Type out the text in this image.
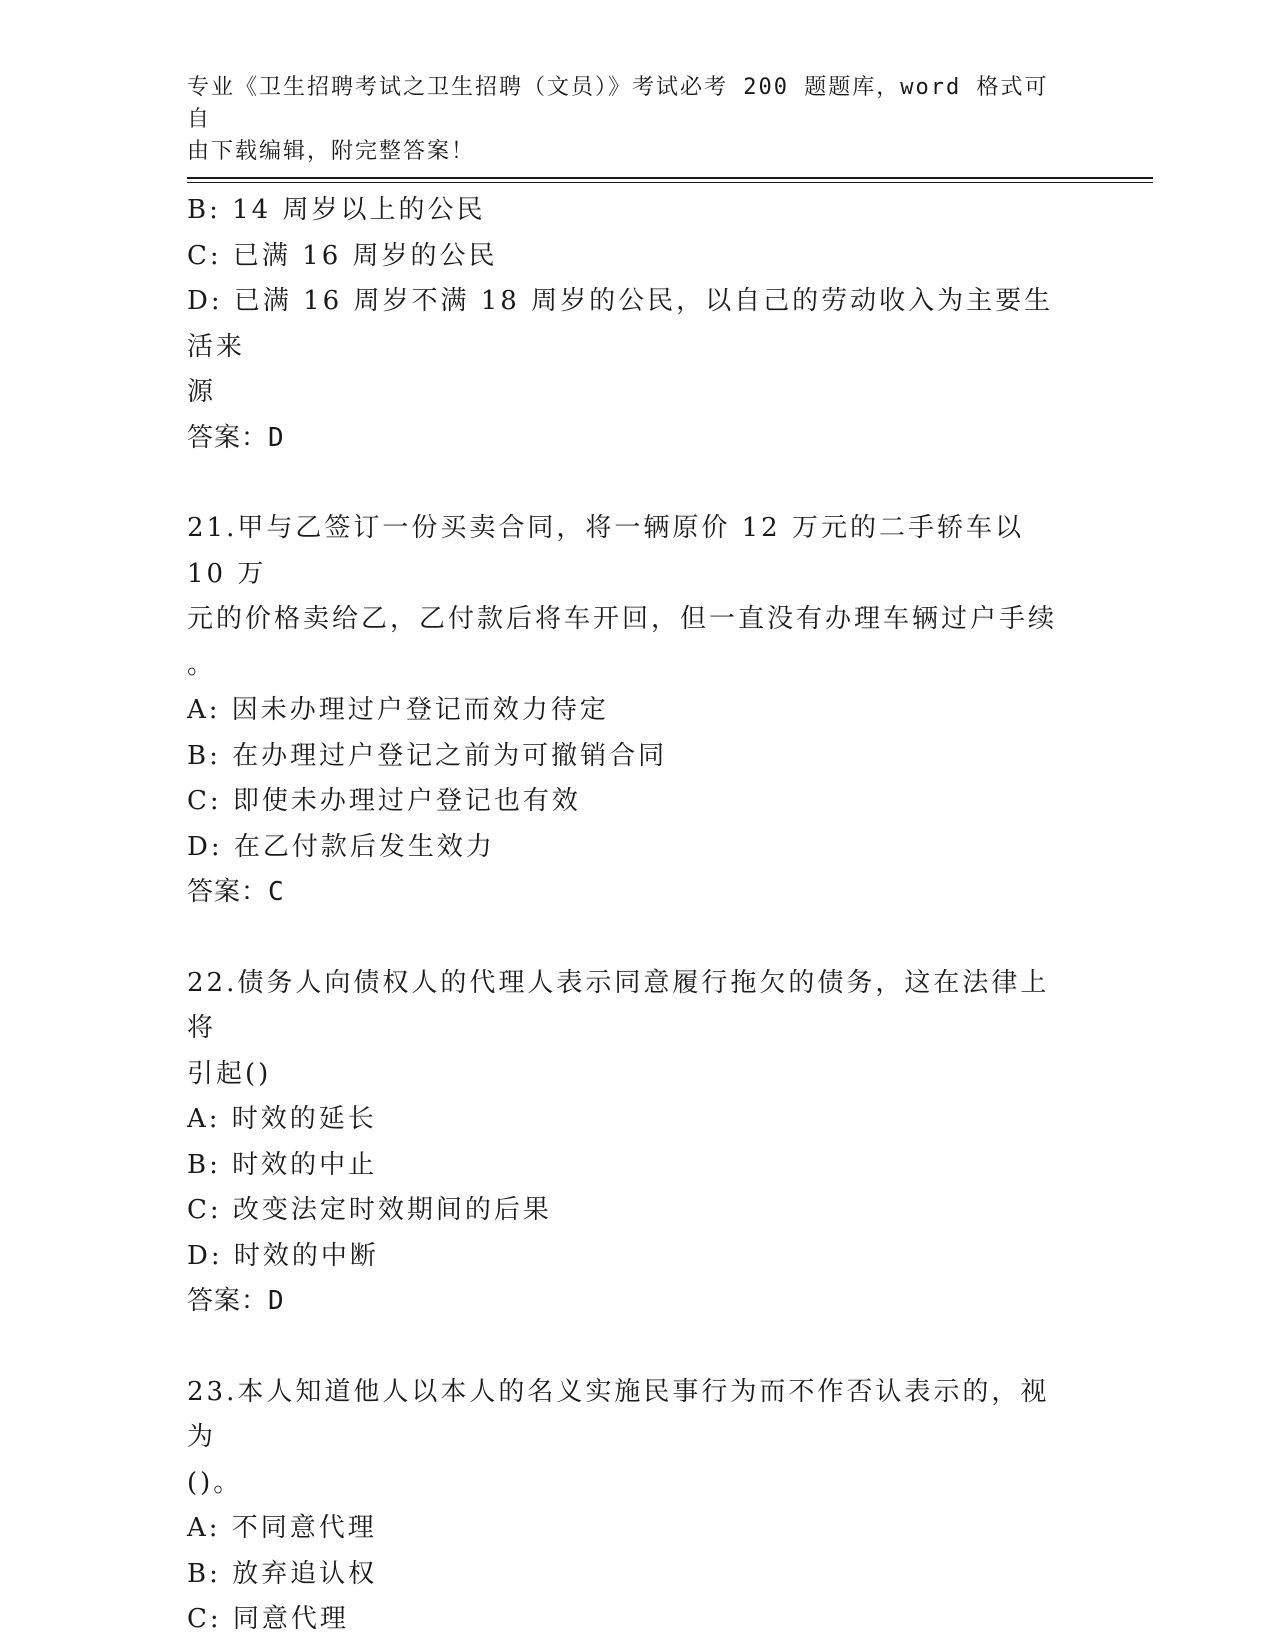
专业《卫生招聘考试之卫生招聘（文员）》考试必考 200 题题库，word 格式可自
由下载编辑，附完整答案！
B: 14 周岁以上的公民
C: 已满 16 周岁的公民
D: 已满 16 周岁不满 18 周岁的公民，以自己的劳动收入为主要生活来
源
答案：D
21.甲与乙签订一份买卖合同，将一辆原价 12 万元的二手轿车以 10 万
元的价格卖给乙，乙付款后将车开回，但一直没有办理车辆过户手续
。
A: 因未办理过户登记而效力待定
B: 在办理过户登记之前为可撤销合同
C: 即使未办理过户登记也有效
D: 在乙付款后发生效力
答案：C
22.债务人向债权人的代理人表示同意履行拖欠的债务，这在法律上将
引起()
A: 时效的延长
B: 时效的中止
C: 改变法定时效期间的后果
D: 时效的中断
答案：D
23.本人知道他人以本人的名义实施民事行为而不作否认表示的，视为
()。
A: 不同意代理
B: 放弃追认权
C: 同意代理
